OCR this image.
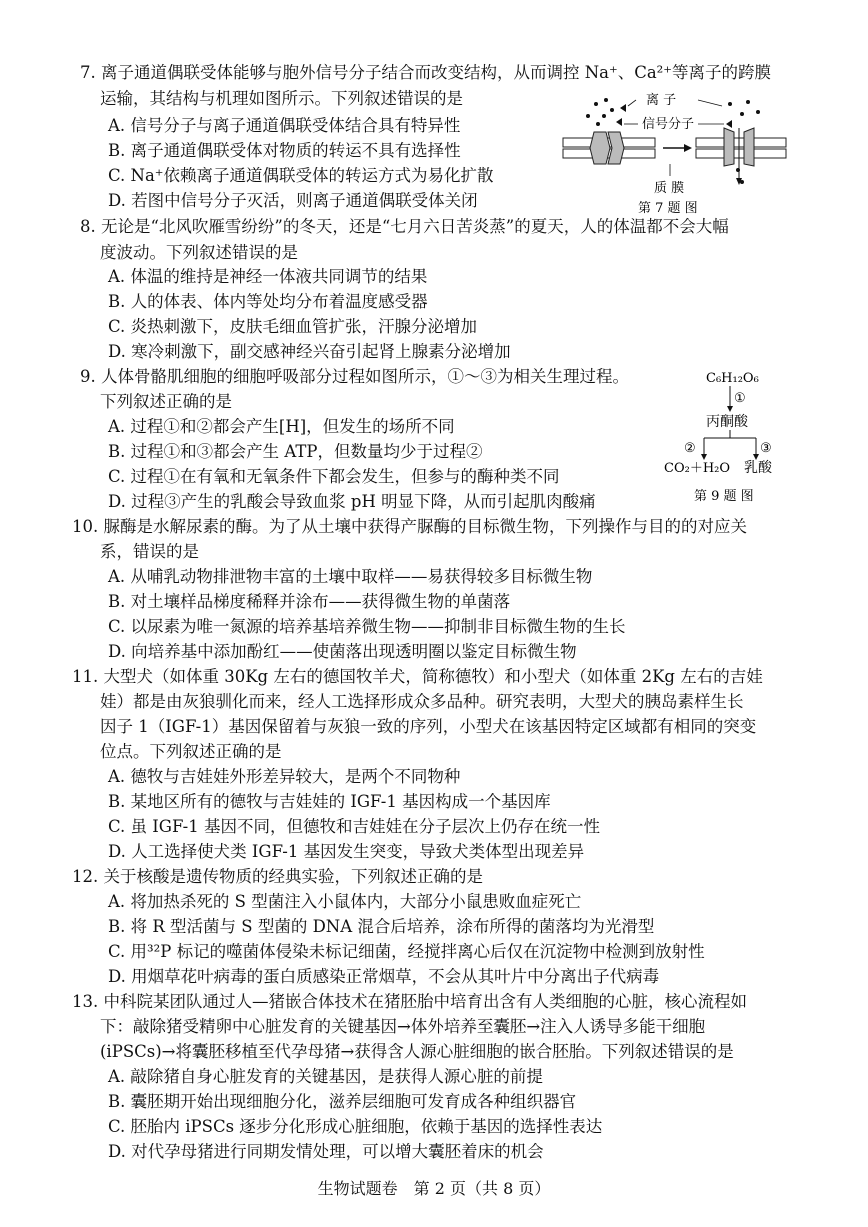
7. 离子通道偶联受体能够与胞外信号分子结合而改变结构，从而调控 Na⁺、Ca²⁺等离子的跨膜
运输，其结构与机理如图所示。下列叙述错误的是
A. 信号分子与离子通道偶联受体结合具有特异性
B. 离子通道偶联受体对物质的转运不具有选择性
C. Na⁺依赖离子通道偶联受体的转运方式为易化扩散
D. 若图中信号分子灭活，则离子通道偶联受体关闭
离 子
信号分子
质 膜
第 7 题 图
8. 无论是“北风吹雁雪纷纷”的冬天，还是“七月六日苦炎蒸”的夏天，人的体温都不会大幅
度波动。下列叙述错误的是
A. 体温的维持是神经一体液共同调节的结果
B. 人的体表、体内等处均分布着温度感受器
C. 炎热刺激下，皮肤毛细血管扩张，汗腺分泌增加
D. 寒冷刺激下，副交感神经兴奋引起肾上腺素分泌增加
9. 人体骨骼肌细胞的细胞呼吸部分过程如图所示，①～③为相关生理过程。
下列叙述正确的是
A. 过程①和②都会产生[H]，但发生的场所不同
B. 过程①和③都会产生 ATP，但数量均少于过程②
C. 过程①在有氧和无氧条件下都会发生，但参与的酶种类不同
D. 过程③产生的乳酸会导致血浆 pH 明显下降，从而引起肌肉酸痛
C₆H₁₂O₆
①
丙酮酸
②	③
CO₂＋H₂O 乳酸
第 9 题 图
10. 脲酶是水解尿素的酶。为了从土壤中获得产脲酶的目标微生物，下列操作与目的的对应关
系，错误的是
A. 从哺乳动物排泄物丰富的土壤中取样——易获得较多目标微生物
B. 对土壤样品梯度稀释并涂布——获得微生物的单菌落
C. 以尿素为唯一氮源的培养基培养微生物——抑制非目标微生物的生长
D. 向培养基中添加酚红——使菌落出现透明圈以鉴定目标微生物
11. 大型犬（如体重 30Kg 左右的德国牧羊犬，简称德牧）和小型犬（如体重 2Kg 左右的吉娃
娃）都是由灰狼驯化而来，经人工选择形成众多品种。研究表明，大型犬的胰岛素样生长
因子 1（IGF-1）基因保留着与灰狼一致的序列，小型犬在该基因特定区域都有相同的突变
位点。下列叙述正确的是
A. 德牧与吉娃娃外形差异较大，是两个不同物种
B. 某地区所有的德牧与吉娃娃的 IGF-1 基因构成一个基因库
C. 虽 IGF-1 基因不同，但德牧和吉娃娃在分子层次上仍存在统一性
D. 人工选择使犬类 IGF-1 基因发生突变，导致犬类体型出现差异
12. 关于核酸是遗传物质的经典实验，下列叙述正确的是
A. 将加热杀死的 S 型菌注入小鼠体内，大部分小鼠患败血症死亡
B. 将 R 型活菌与 S 型菌的 DNA 混合后培养，涂布所得的菌落均为光滑型
C. 用³²P 标记的噬菌体侵染未标记细菌，经搅拌离心后仅在沉淀物中检测到放射性
D. 用烟草花叶病毒的蛋白质感染正常烟草，不会从其叶片中分离出子代病毒
13. 中科院某团队通过人—猪嵌合体技术在猪胚胎中培育出含有人类细胞的心脏，核心流程如
下：敲除猪受精卵中心脏发育的关键基因→体外培养至囊胚→注入人诱导多能干细胞
(iPSCs)→将囊胚移植至代孕母猪→获得含人源心脏细胞的嵌合胚胎。下列叙述错误的是
A. 敲除猪自身心脏发育的关键基因，是获得人源心脏的前提
B. 囊胚期开始出现细胞分化，滋养层细胞可发育成各种组织器官
C. 胚胎内 iPSCs 逐步分化形成心脏细胞，依赖于基因的选择性表达
D. 对代孕母猪进行同期发情处理，可以增大囊胚着床的机会
生物试题卷　第 2 页（共 8 页）
